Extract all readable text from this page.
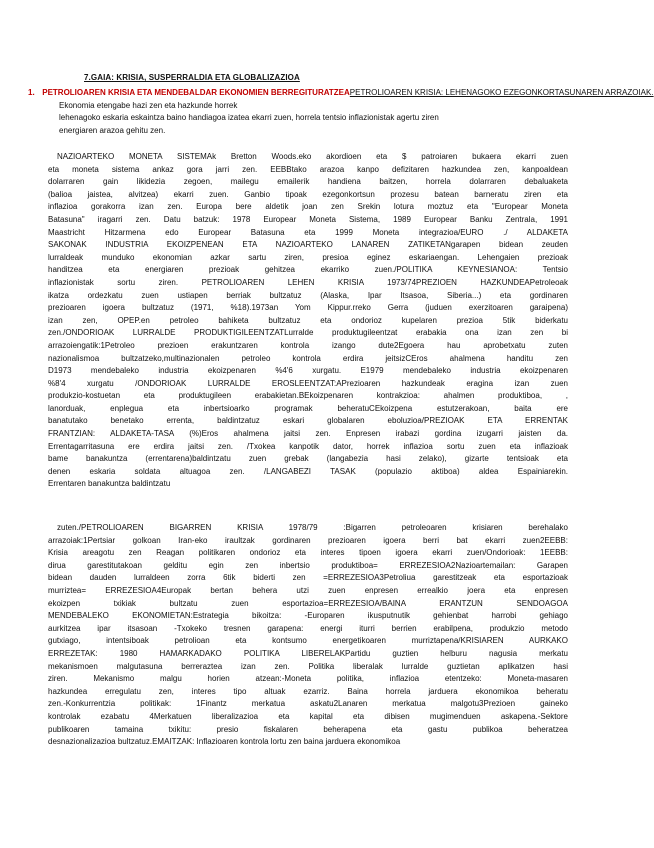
7.GAIA: KRISIA, SUSPERRALDIA ETA GLOBALIZAZIOA
1. PETROLIOAREN KRISIA ETA MENDEBALDAR EKONOMIEN BERREGITURATZEAPETROLIOAREN KRISIA: LEHENAGOKO EZEGONKORTASUNAREN ARRAZOIAK.
Ekonomia etengabe hazi zen eta hazkunde horrek
lehenagoko eskaria eskaintza baino handiagoa izatea ekarri zuen, horrela tentsio inflazionistak agertu ziren
energiaren arazoa gehitu zen.
NAZIOARTEKO MONETA SISTEMAk Bretton Woods.eko akordioen eta $ patroiaren bukaera ekarri zuen
eta moneta sistema ankaz gora jarri zen. EEBBtako arazoa kanpo defizitaren hazkundea zen, kanpoaldean
dolarraren gain likidezia zegoen, mailegu emailerik handiena baitzen, horrela dolarraren debaluaketa
(balioa jaistea, alvitzea) ekarri zuen. Ganbio tipoak ezegonkortsun prozesu batean barneratu ziren eta
inflazioa gorakorra izan zen. Europa bere aldetik joan zen Srekin lotura moztuz eta "Europear Moneta
Batasuna" iragarri zen. Datu batzuk: 1978 Europear Moneta Sistema, 1989 Europear Banku Zentrala, 1991
Maastricht Hitzarmena edo Europear Batasuna eta 1999 Moneta integrazioa/EURO ./ ALDAKETA
SAKONAK INDUSTRIA EKOIZPENEAN ETA NAZIOARTEKO LANAREN ZATIKETANgarapen bidean zeuden
lurraldeak munduko ekonomian azkar sartu ziren, presioa eginez eskariaengan. Lehengaien prezioak
handitzea eta energiaren prezioak gehitzea ekarriko zuen./POLITIKA KEYNESIANOA: Tentsio
inflazionistak sortu ziren. PETROLIOAREN LEHEN KRISIA 1973/74PREZIOEN HAZKUNDEAPetroleoak
ikatza ordezkatu zuen ustiapen berriak bultzatuz (Alaska, Ipar Itsasoa, Siberia...) eta gordinaren
prezioaren igoera bultzatuz (1971, %18).1973an Yom Kippur.rreko Gerra (juduen exerzitoaren garaipena)
izan zen, OPEP.en petroleo bahiketa bultzatuz eta ondorioz kupelaren prezioa 5tik biderkatu
zen./ONDORIOAK LURRALDE PRODUKTIGILEENTZATLurralde produktugileentzat erabakia ona izan zen bi
arrazoiengatik:1Petroleo prezioen erakuntzaren kontrola izango dute2Egoera hau aprobetxatu zuten
nazionalismoa bultzatzeko,multinazionalen petroleo kontrola erdira jeitsizCEros ahalmena handitu zen
D1973 mendebaleko industria ekoizpenaren %4'6 xurgatu. E1979 mendebaleko industria ekoizpenaren
%8'4 xurgatu /ONDORIOAK LURRALDE EROSLEENTZAT:APrezioaren hazkundeak eragina izan zuen
produkzio-kostuetan eta produktugileen erabakietan.BEkoizpenaren kontrakzioa: ahalmen produktiboa, ,
lanorduak, enplegua eta inbertsioarko programak beheratuCEkoizpena estutzerakoan, baita ere
banatutako benetako errenta, baldintzatuz eskari globalaren eboluzioa/PREZIOAK ETA ERRENTAK
FRANTZIAN: ALDAKETA-TASA (%)Eros ahalmena jaitsi zen. Enpresen irabazi gordina izugarri jaisten da.
Errentagarritasuna ere erdira jaitsi zen. /Txokea kanpotik dator, horrek inflazioa sortu zuen eta inflazioak
bame banakuntza (errentarena)baldintzatu zuen grebak (langabezia hasi zelako), gizarte tentsioak eta
denen eskaria soldata altuagoa zen. /LANGABEZI TASAK (populazio aktiboa) aldea Espainiarekin.
Errentaren banakuntza baldintzatu
zuten./PETROLIOAREN BIGARREN KRISIA 1978/79 :Bigarren petroleoaren krisiaren berehalako
arrazoiak:1Pertsiar golkoan Iran-eko iraultzak gordinaren prezioaren igoera berri bat ekarri zuen2EEBB:
Krisia areagotu zen Reagan politikaren ondorioz eta interes tipoen igoera ekarri zuen/Ondorioak: 1EEBB:
dirua garestitutakoan gelditu egin zen inbertsio produktiboa= ERREZESIOA2Nazioartemailan: Garapen
bidean dauden lurraldeen zorra 6tik biderti zen =ERREZESIOA3Petroliua garestitzeak eta esportazioak
murriztea= ERREZESIOA4Europak bertan behera utzi zuen enpresen errealkio joera eta enpresen
ekoizpen txikiak bultzatu zuen esportazioa=ERREZESIOA/BAINA ERANTZUN SENDOAGOA
MENDEBALEKO EKONOMIETAN:Estrategia bikoitza: -Europaren ikusputnutik gehienbat harrobi gehiago
aurkitzea ipar itsasoan -Txokeko tresnen garapena: energi iturri berrien erabilpena, produkzio metodo
gutxiago, intentsiboak petrolioan eta kontsumo energetikoaren murriztapena/KRISIAREN AURKAKO
ERREZETAK: 1980 HAMARKADAKO POLITIKA LIBERELAKPartidu guztien helburu nagusia merkatu
mekanismoen malgutasuna berreraztea izan zen. Politika liberalak lurralde guztietan aplikatzen hasi
ziren. Mekanismo malgu horien atzean:-Moneta politika, inflazioa etentzeko: Moneta-masaren
hazkundea erregulatu zen, interes tipo altuak ezarriz. Baina horrela jarduera ekonomikoa beheratu
zen.-Konkurrentzia politikak: 1Finantz merkatua askatu2Lanaren merkatua malgotu3Prezioen gaineko
kontrolak ezabatu 4Merkatuen liberalizazioa eta kapital eta dibisen mugimenduen askapena.-Sektore
publikoaren tamaina txikitu: presio fiskalaren beherapena eta gastu publikoa beheratzea
desnazionalizazioa bultzatuz.EMAITZAK: Inflazioaren kontrola lortu zen baina jarduera ekonomikoa
